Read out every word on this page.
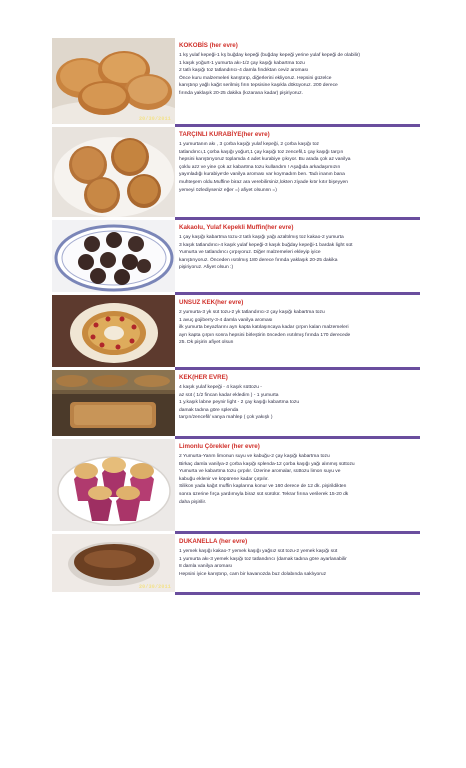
20/30/2011
KOKOBİS (her evre)
1 kş yulaf kepeği-1 kş buğday kepeği (buğday kepeği yerine yulaf kepeği de olabilir)
1 kaşık yoğurt-1 yumurta akı-1/2 çay kaşığı kabartma tozu
2 tatlı kaşığı toz tatlandırıcı-4 damla fındıktan ceviz aroması
Önce kuru malzemeleri karıştırıp, diğerlerini ekliyoruz. Hepsini güzelce
karıştırıp yağlı kağıt serilmiş fırın tepsisine kaşıkla döküyoruz. 200 derece
fırında yaklaşık 20-25 dakika (kızarana kadar) pişiriyoruz.
TARÇINLI KURABİYE(her evre)
1 yumurtanın akı , 3 çorba kaşığı yulaf kepeği, 2 çorba kaşığı toz
tatlandırıcı,1 çorba kaşığı yoğurt,1 çay kaşığı toz zencefil,1 çay kaşığı tarçın
hepsini karıştırıyoruz toplamda 4 adet kurabiye çıkıyor. Bu arada çok az vanilya
çoklu azz ve yine çok az kabartma tozu kullandım ! Aşağıda arkadaşımızın
yayınladığı kurabiye'de vanilya aroması var koymadım ben. Tadı inanın bana
muhteşem oldu.Muffine biraz ara verebilirsiniz,lokten ziyade kıtır kıtır bişeyyen
yemeyi özlediyseniz eğer =) afiyet olsunnn =)
Kakaolu, Yulaf Kepekli Muffin(her evre)
1 çay kaşığı kabartma tozu-2 tatlı kaşığı yağı azaltılmış toz kakao-2 yumurta
3 kaşık tatlandırıcı-4 kaşık yulaf kepeği-3 kaşık buğday kepeği-1 bardak light süt
Yumurta ve tatlandırıcı çırpıyoruz. Diğer malzemeleri ekleyip iyice
karıştırıyoruz. Önceden ısıtılmış 180 derece fırında yaklaşık 20-25 dakika
pişiriyoruz. Afiyet olsun :)
UNSUZ KEK(her evre)
2 yumurta-3 yk süt tozu-2 yk tatlandırıcı-2 çay kaşığı kabartma tozu
1 avuç gojiberry-3-4 damla vanilya aroması
ilk yumurta beyazlarını ayrı kapta katılaşıncaya kadar çırpın kalan malzemeleri
ayrı kapta çırpın sonra hepsini birleştirin önceden ısıtılmış fırında 170 derecede
25. Dk pişirin afiyet olsun
KEK(HER EVRE)
4 kaşık yulaf kepeği - 4 kaşık süttozu -
az süt ( 1/2 fincan kadar ekledim ) - 1 yumurta
1 y.kaşık labne peynir light - 2 çay kaşığı kabartma tozu
damak tadına göre splenda
tarçın/zencefil/ vanya mahlep ( çok yakışlı )
Limonlu Çörekler (her evre)
2 Yumurta-Yarım limonun suyu ve kabuğu-2 çay kaşığı kabartma tozu
Birkaç damla vanilya-2 çorba kaşığı splenda-12 çorba kaşığı yağı alınmış süttozu
Yumurta ve kabartma tozu çırpılır. Üzerine aromalar, süttozu limon suyu ve
kabuğu eklenir ve köpürene kadar çırpılır.
Silikon yada kağıt muffin kaplarına konur ve 160 derece de 12 dk. pişirildikten
sonra üzerine fırça yardımıyla biraz süt sürülür. Tekrar fırına verilerek 15-20 dk
daha pişirilir.
20/30/2011
DUKANELLA (her evre)
1 yemek kaşığı kakao-7 yemek kaşığı yağsız süt tozu-2 yemek kaşığı süt
1 yumurta akı-3 yemek kaşığı toz tatlandırıcı (damak tadına göre ayarlanabilir
8 damla vanilya aroması
Hepsini iyice karıştırıp, cam bir kavanozda buz dolabında saklıyoruz
